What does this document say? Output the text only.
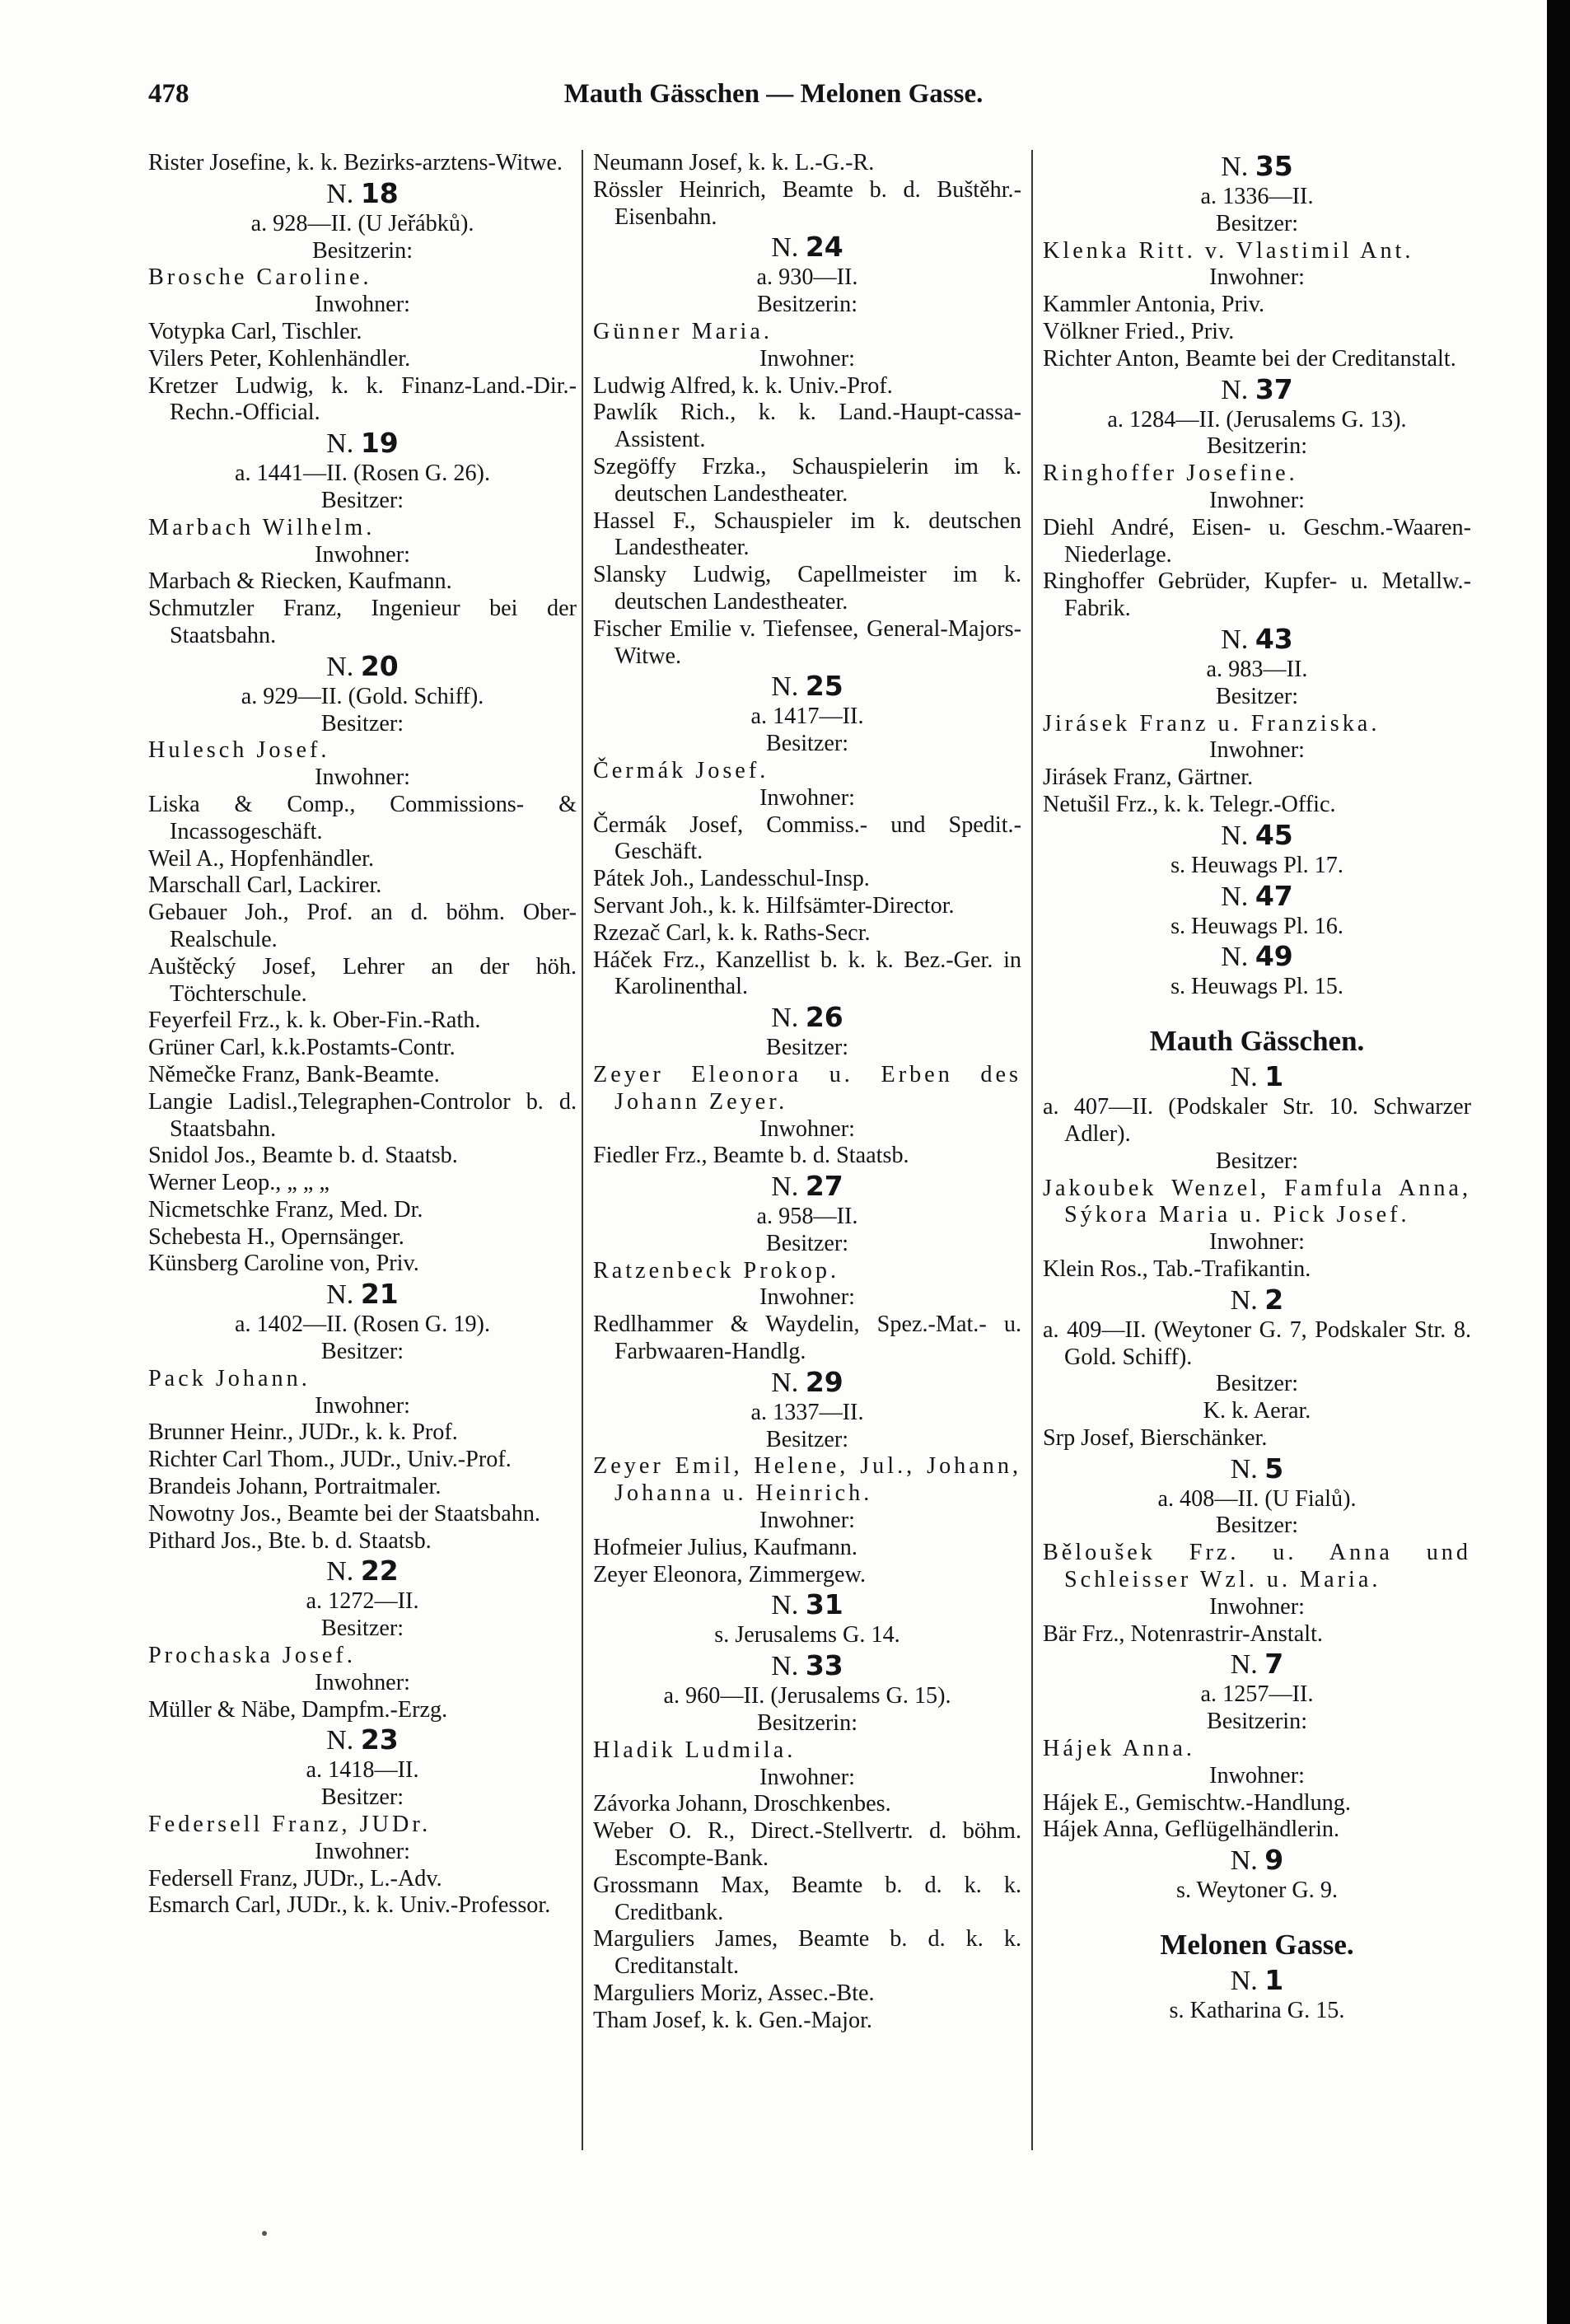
478	Mauth Gässchen — Melonen Gasse.
Rister Josefine, k. k. Bezirks-arztens-Witwe.
N. 18
a. 928—II. (U Jeřábků).
Besitzerin:
Brosche Caroline.
Inwohner:
Votypka Carl, Tischler.
Vilers Peter, Kohlenhändler.
Kretzer Ludwig, k. k. Finanz-Land.-Dir.-Rechn.-Official.
N. 19
a. 1441—II. (Rosen G. 26).
Besitzer:
Marbach Wilhelm.
Inwohner:
Marbach & Riecken, Kaufmann.
Schmutzler Franz, Ingenieur bei der Staatsbahn.
N. 20
a. 929—II. (Gold. Schiff).
Besitzer:
Hulesch Josef.
Inwohner:
Liska & Comp., Commissions- & Incassogeschäft.
Weil A., Hopfenhändler.
Marschall Carl, Lackirer.
Gebauer Joh., Prof. an d. böhm. Ober-Realschule.
Auštěcký Josef, Lehrer an der höh. Töchterschule.
Feyerfeil Frz., k. k. Ober-Fin.-Rath.
Grüner Carl, k.k.Postamts-Contr.
Němečke Franz, Bank-Beamte.
Langie Ladisl.,Telegraphen-Controlor b. d. Staatsbahn.
Snidol Jos., Beamte b. d. Staatsb.
Werner Leop., „ „ „
Nicmetschke Franz, Med. Dr.
Schebesta H., Opernsänger.
Künsberg Caroline von, Priv.
N. 21
a. 1402—II. (Rosen G. 19).
Besitzer:
Pack Johann.
Inwohner:
Brunner Heinr., JUDr., k. k. Prof.
Richter Carl Thom., JUDr., Univ.-Prof.
Brandeis Johann, Portraitmaler.
Nowotny Jos., Beamte bei der Staatsbahn.
Pithard Jos., Bte. b. d. Staatsb.
N. 22
a. 1272—II.
Besitzer:
Prochaska Josef.
Inwohner:
Müller & Näbe, Dampfm.-Erzg.
N. 23
a. 1418—II.
Besitzer:
Federsell Franz, JUDr.
Inwohner:
Federsell Franz, JUDr., L.-Adv.
Esmarch Carl, JUDr., k. k. Univ.-Professor.
Neumann Josef, k. k. L.-G.-R.
Rössler Heinrich, Beamte b. d. Buštěhr.-Eisenbahn.
N. 24
a. 930—II.
Besitzerin:
Günner Maria.
Inwohner:
Ludwig Alfred, k. k. Univ.-Prof.
Pawlík Rich., k. k. Land.-Haupt-cassa-Assistent.
Szegöffy Frzka., Schauspielerin im k. deutschen Landestheater.
Hassel F., Schauspieler im k. deutschen Landestheater.
Slansky Ludwig, Capellmeister im k. deutschen Landestheater.
Fischer Emilie v. Tiefensee, General-Majors-Witwe.
N. 25
a. 1417—II.
Besitzer:
Čermák Josef.
Inwohner:
Čermák Josef, Commiss.- und Spedit.-Geschäft.
Pátek Joh., Landesschul-Insp.
Servant Joh., k. k. Hilfsämter-Director.
Rzezač Carl, k. k. Raths-Secr.
Háček Frz., Kanzellist b. k. k. Bez.-Ger. in Karolinenthal.
N. 26
Besitzer:
Zeyer Eleonora u. Erben des Johann Zeyer.
Inwohner:
Fiedler Frz., Beamte b. d. Staatsb.
N. 27
a. 958—II.
Besitzer:
Ratzenbeck Prokop.
Inwohner:
Redlhammer & Waydelin, Spez.-Mat.- u. Farbwaaren-Handlg.
N. 29
a. 1337—II.
Besitzer:
Zeyer Emil, Helene, Jul., Johann, Johanna u. Heinrich.
Inwohner:
Hofmeier Julius, Kaufmann.
Zeyer Eleonora, Zimmergew.
N. 31
s. Jerusalems G. 14.
N. 33
a. 960—II. (Jerusalems G. 15).
Besitzerin:
Hladik Ludmila.
Inwohner:
Závorka Johann, Droschkenbes.
Weber O. R., Direct.-Stellvertr. d. böhm. Escompte-Bank.
Grossmann Max, Beamte b. d. k. k. Creditbank.
Marguliers James, Beamte b. d. k. k. Creditanstalt.
Marguliers Moriz, Assec.-Bte.
Tham Josef, k. k. Gen.-Major.
N. 35
a. 1336—II.
Besitzer:
Klenka Ritt. v. Vlastimil Ant.
Inwohner:
Kammler Antonia, Priv.
Völkner Fried., Priv.
Richter Anton, Beamte bei der Creditanstalt.
N. 37
a. 1284—II. (Jerusalems G. 13).
Besitzerin:
Ringhoffer Josefine.
Inwohner:
Diehl André, Eisen- u. Geschm.-Waaren-Niederlage.
Ringhoffer Gebrüder, Kupfer- u. Metallw.-Fabrik.
N. 43
a. 983—II.
Besitzer:
Jirásek Franz u. Franziska.
Inwohner:
Jirásek Franz, Gärtner.
Netušil Frz., k. k. Telegr.-Offic.
N. 45
s. Heuwags Pl. 17.
N. 47
s. Heuwags Pl. 16.
N. 49
s. Heuwags Pl. 15.
Mauth Gässchen.
N. 1
a. 407—II. (Podskaler Str. 10. Schwarzer Adler).
Besitzer:
Jakoubek Wenzel, Famfula Anna, Sýkora Maria u. Pick Josef.
Inwohner:
Klein Ros., Tab.-Trafikantin.
N. 2
a. 409—II. (Weytoner G. 7, Podskaler Str. 8. Gold. Schiff).
Besitzer:
K. k. Aerar.
Srp Josef, Bierschänker.
N. 5
a. 408—II. (U Fialů).
Besitzer:
Běloušek Frz. u. Anna und Schleisser Wzl. u. Maria.
Inwohner:
Bär Frz., Notenrastrir-Anstalt.
N. 7
a. 1257—II.
Besitzerin:
Hájek Anna.
Inwohner:
Hájek E., Gemischtw.-Handlung.
Hájek Anna, Geflügelhändlerin.
N. 9
s. Weytoner G. 9.
Melonen Gasse.
N. 1
s. Katharina G. 15.
